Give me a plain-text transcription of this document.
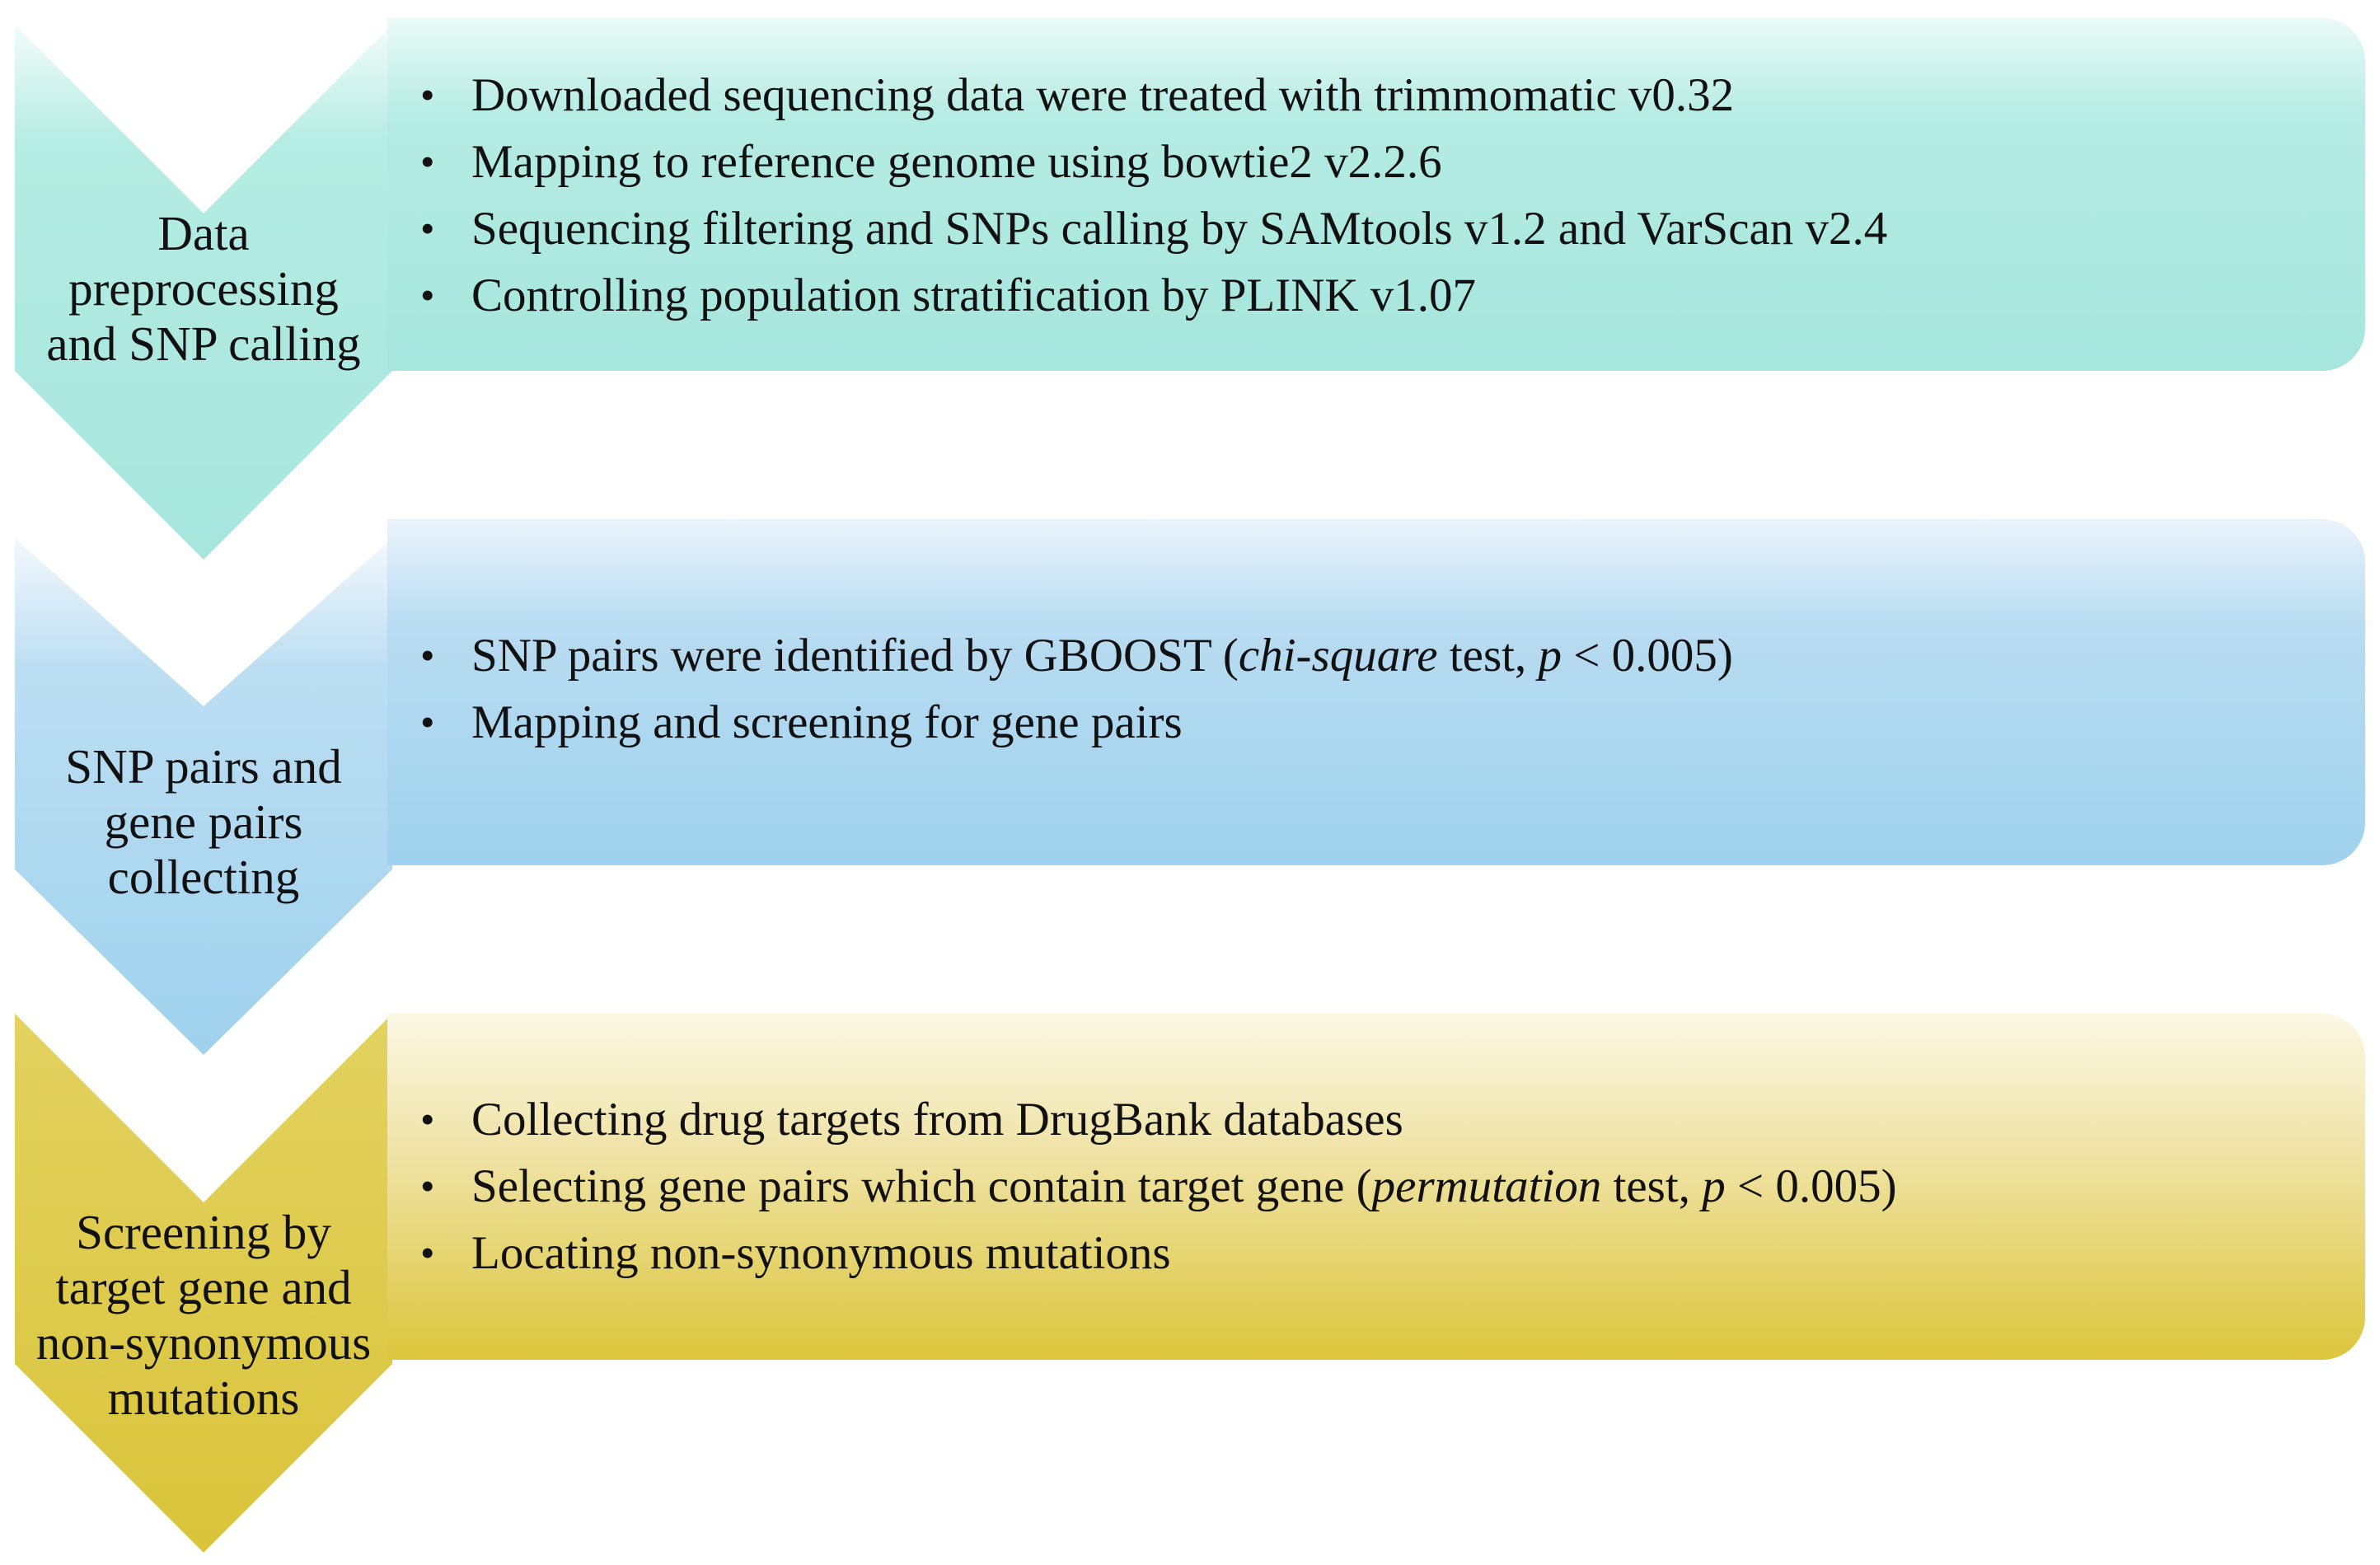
Data
preprocessing
and SNP calling
SNP pairs and
gene pairs
collecting
Screening by
target gene and
non-synonymous
mutations
• Downloaded sequencing data were treated with trimmomatic v0.32
• Mapping to reference genome using bowtie2 v2.2.6
• Sequencing filtering and SNPs calling by SAMtools v1.2 and VarScan v2.4
• Controlling population stratification by PLINK v1.07
• SNP pairs were identified by GBOOST (chi-square test, p < 0.005)
• Mapping and screening for gene pairs
• Collecting drug targets from DrugBank databases
• Selecting gene pairs which contain target gene (permutation test, p < 0.005)
• Locating non-synonymous mutations
